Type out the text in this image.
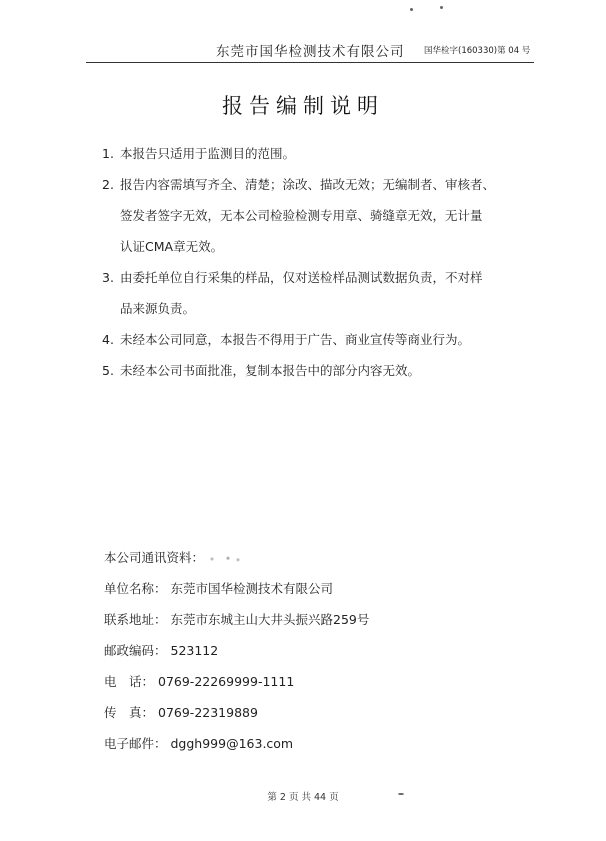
东莞市国华检测技术有限公司 国华检字(160330)第 04 号
报告编制说明
1. 本报告只适用于监测目的范围。
2. 报告内容需填写齐全、清楚；涂改、描改无效；无编制者、审核者、
签发者签字无效，无本公司检验检测专用章、骑缝章无效，无计量
认证CMA章无效。
3. 由委托单位自行采集的样品，仅对送检样品测试数据负责，不对样
品来源负责。
4. 未经本公司同意，本报告不得用于广告、商业宣传等商业行为。
5. 未经本公司书面批准，复制本报告中的部分内容无效。
本公司通讯资料：
单位名称： 东莞市国华检测技术有限公司
联系地址： 东莞市东城主山大井头振兴路259号
邮政编码： 523112
电　话： 0769-22269999-1111
传　真： 0769-22319889
电子邮件： dggh999@163.com
第 2 页 共 44 页
